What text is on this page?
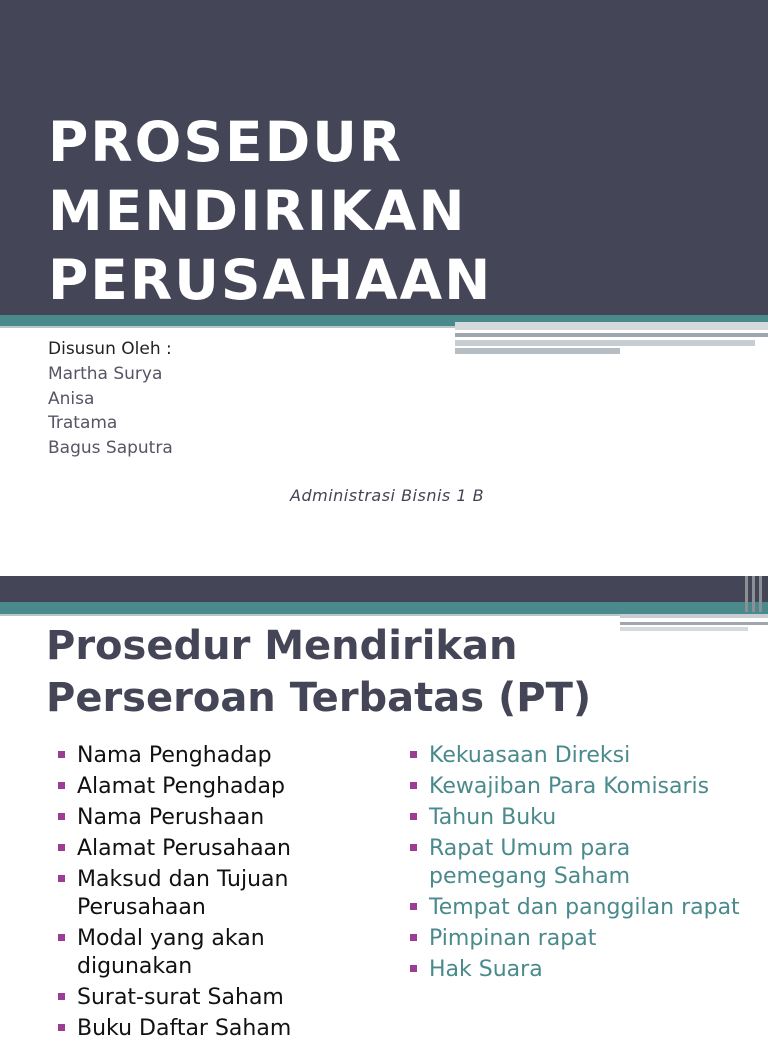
PROSEDUR
MENDIRIKAN
PERUSAHAAN
Disusun Oleh :
Martha Surya
Anisa
Tratama
Bagus Saputra
Administrasi Bisnis 1 B
Prosedur Mendirikan
Perseroan Terbatas (PT)
Nama Penghadap
Alamat Penghadap
Nama Perushaan
Alamat Perusahaan
Maksud dan Tujuan Perusahaan
Modal yang akan digunakan
Surat-surat Saham
Buku Daftar Saham
Kekuasaan Direksi
Kewajiban Para Komisaris
Tahun Buku
Rapat Umum para pemegang Saham
Tempat dan panggilan rapat
Pimpinan rapat
Hak Suara
